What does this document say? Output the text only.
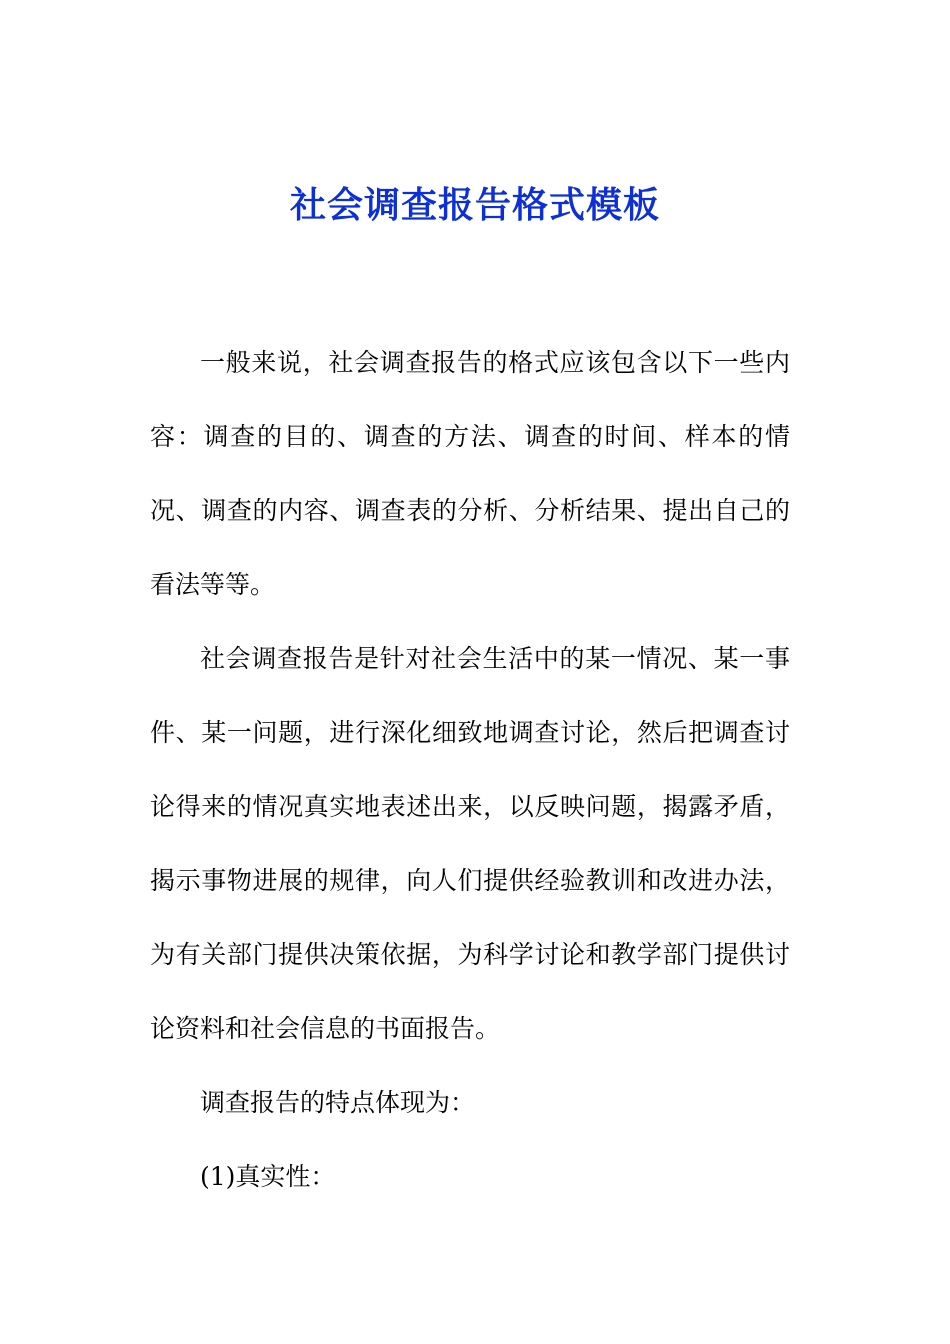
社会调查报告格式模板

一般来说，社会调查报告的格式应该包含以下一些内容：调查的目的、调查的方法、调查的时间、样本的情况、调查的内容、调查表的分析、分析结果、提出自己的看法等等。

社会调查报告是针对社会生活中的某一情况、某一事件、某一问题，进行深化细致地调查讨论，然后把调查讨论得来的情况真实地表述出来，以反映问题，揭露矛盾，揭示事物进展的规律，向人们提供经验教训和改进办法，为有关部门提供决策依据，为科学讨论和教学部门提供讨论资料和社会信息的书面报告。

调查报告的特点体现为：

(1)真实性：
